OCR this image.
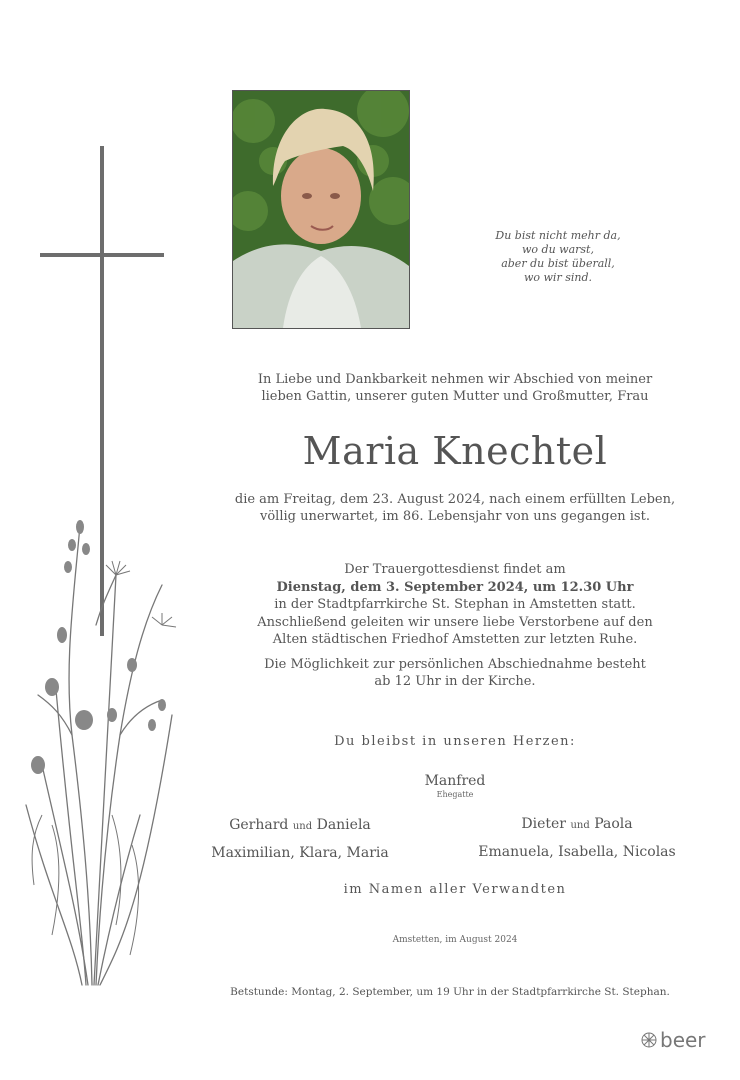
Du bist nicht mehr da,
wo du warst,
aber du bist überall,
wo wir sind.
In Liebe und Dankbarkeit nehmen wir Abschied von meiner
lieben Gattin, unserer guten Mutter und Großmutter, Frau
Maria Knechtel
die am Freitag, dem 23. August 2024, nach einem erfüllten Leben,
völlig unerwartet, im 86. Lebensjahr von uns gegangen ist.
Der Trauergottesdienst findet am
Dienstag, dem 3. September 2024, um 12.30 Uhr
in der Stadtpfarrkirche St. Stephan in Amstetten statt.
Anschließend geleiten wir unsere liebe Verstorbene auf den
Alten städtischen Friedhof Amstetten zur letzten Ruhe.
Die Möglichkeit zur persönlichen Abschiednahme besteht
ab 12 Uhr in der Kirche.
Du bleibst in unseren Herzen:
Manfred
Ehegatte
Gerhard und Daniela
Maximilian, Klara, Maria
Dieter und Paola
Emanuela, Isabella, Nicolas
im Namen aller Verwandten
Amstetten, im August 2024
Betstunde: Montag, 2. September, um 19 Uhr in der Stadtpfarrkirche St. Stephan.
beer
